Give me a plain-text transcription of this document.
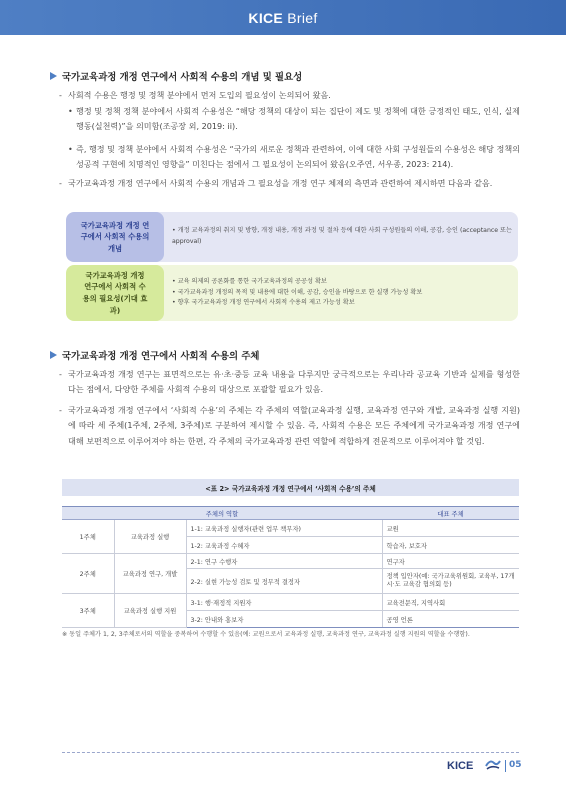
KICE Brief
국가교육과정 개정 연구에서 사회적 수용의 개념 및 필요성
- 사회적 수용은 행정 및 정책 분야에서 먼저 도입의 필요성이 논의되어 왔음.
• 행정 및 정책 정책 분야에서 사회적 수용성은 “해당 정책의 대상이 되는 집단이 제도 및 정책에 대한 긍정적인 태도, 인식, 실제 행동(실천력)”을 의미함(조공장 외, 2019: ii).
• 즉, 행정 및 정책 분야에서 사회적 수용성은 “국가의 새로운 정책과 관련하여, 이에 대한 사회 구성원들의 수용성은 해당 정책의 성공적 구현에 치명적인 영향을” 미친다는 점에서 그 필요성이 논의되어 왔음(오주연, 서우종, 2023: 214).
- 국가교육과정 개정 연구에서 사회적 수용의 개념과 그 필요성을 개정 연구 체제의 측면과 관련하여 제시하면 다음과 같음.
국가교육과정 개정 연구에서 사회적 수용의 개념
• 개정 교육과정의 취지 및 방향, 개정 내용, 개정 과정 및 절차 등에 대한 사회 구성원들의 이해, 공감, 승인 (acceptance 또는 approval)
국가교육과정 개정 연구에서 사회적 수용의 필요성(기대 효과)
• 교육 의제의 공론화를 통한 국가교육과정의 공공성 확보
• 국가교육과정 개정의 목적 및 내용에 대한 이해, 공감, 승인을 바탕으로 한 실행 가능성 확보
• 향후 국가교육과정 개정 연구에서 사회적 수용의 제고 가능성 확보
국가교육과정 개정 연구에서 사회적 수용의 주체
- 국가교육과정 개정 연구는 표면적으로는 유·초·중등 교육 내용을 다루지만 궁극적으로는 우리나라 공교육 기반과 실제를 형성한다는 점에서, 다양한 주체를 사회적 수용의 대상으로 포괄할 필요가 있음.
- 국가교육과정 개정 연구에서 ‘사회적 수용’의 주체는 각 주체의 역할(교육과정 실행, 교육과정 연구와 개발, 교육과정 실행 지원)에 따라 세 주체(1주체, 2주체, 3주체)로 구분하여 제시할 수 있음. 즉, 사회적 수용은 모든 주체에게 국가교육과정 개정 연구에 대해 보편적으로 이루어져야 하는 한편, 각 주체의 국가교육과정 관련 역할에 적합하게 전문적으로 이루어져야 할 것임.
<표 2> 국가교육과정 개정 연구에서 ‘사회적 수용’의 주체
주체의 역할			대표 주체
1주체	교육과정 실행	1-1: 교육과정 실행자(관련 업무 책무자)	교원
		1-2: 교육과정 수혜자	학습자, 보호자
2주체	교육과정 연구, 개발	2-1: 연구 수행자	연구자
		2-2: 실현 가능성 검토 및 정무적 결정자	정책 입안자(예: 국가교육위원회, 교육부, 17개 시·도 교육감 협의회 등)
3주체	교육과정 실행 지원	3-1: 행·재정적 지원자	교육전문직, 지역사회
		3-2: 안내와 홍보자	공영 언론
※ 동일 주체가 1, 2, 3주체로서의 역할을 중복하여 수행할 수 있음(예: 교원으로서 교육과정 실행, 교육과정 연구, 교육과정 실행 지원의 역할을 수행함).
KICE	05
